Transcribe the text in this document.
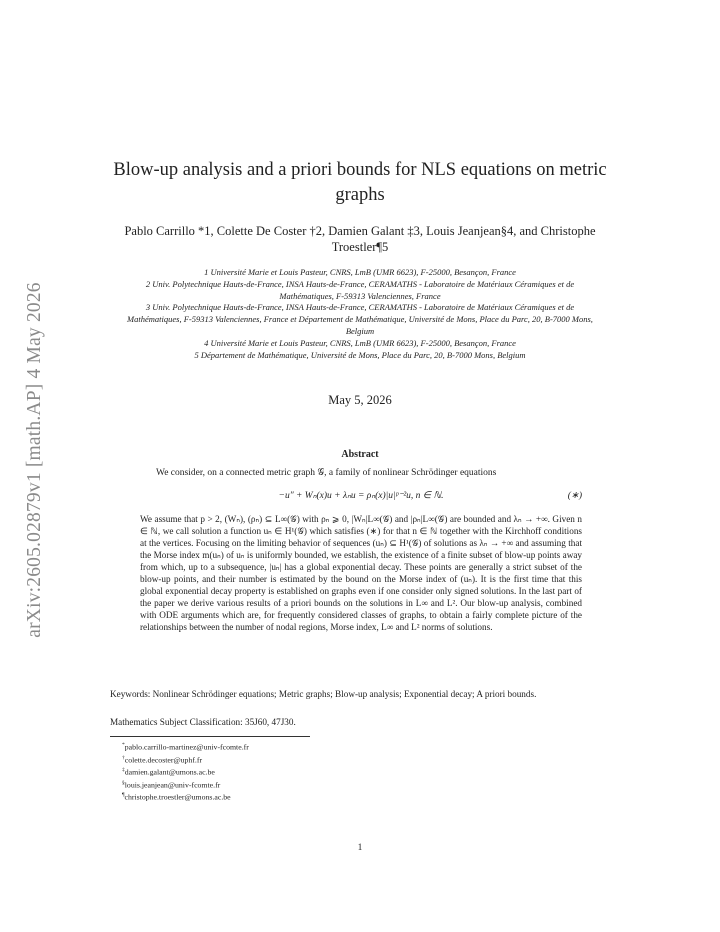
arXiv:2605.02879v1 [math.AP] 4 May 2026
Blow-up analysis and a priori bounds for NLS equations on metric graphs
Pablo Carrillo *1, Colette De Coster †2, Damien Galant ‡3, Louis Jeanjean§4, and Christophe Troestler¶5
1 Université Marie et Louis Pasteur, CNRS, LmB (UMR 6623), F-25000, Besançon, France
2 Univ. Polytechnique Hauts-de-France, INSA Hauts-de-France, CERAMATHS - Laboratoire de Matériaux Céramiques et de Mathématiques, F-59313 Valenciennes, France
3 Univ. Polytechnique Hauts-de-France, INSA Hauts-de-France, CERAMATHS - Laboratoire de Matériaux Céramiques et de Mathématiques, F-59313 Valenciennes, France et Département de Mathématique, Université de Mons, Place du Parc, 20, B-7000 Mons, Belgium
4 Université Marie et Louis Pasteur, CNRS, LmB (UMR 6623), F-25000, Besançon, France
5 Département de Mathématique, Université de Mons, Place du Parc, 20, B-7000 Mons, Belgium
May 5, 2026
Abstract
We consider, on a connected metric graph 𝒢, a family of nonlinear Schrödinger equations
−u″ + Wₙ(x)u + λₙu = ρₙ(x)|u|ᵖ⁻²u, n ∈ ℕ.	(∗)
We assume that p > 2, (Wₙ), (ρₙ) ⊆ L∞(𝒢) with ρₙ ⩾ 0, |Wₙ|L∞(𝒢) and |ρₙ|L∞(𝒢) are bounded and λₙ → +∞. Given n ∈ ℕ, we call solution a function uₙ ∈ H¹(𝒢) which satisfies (∗) for that n ∈ ℕ together with the Kirchhoff conditions at the vertices. Focusing on the limiting behavior of sequences (uₙ) ⊆ H¹(𝒢) of solutions as λₙ → +∞ and assuming that the Morse index m(uₙ) of uₙ is uniformly bounded, we establish, the existence of a finite subset of blow-up points away from which, up to a subsequence, |uₙ| has a global exponential decay. These points are generally a strict subset of the blow-up points, and their number is estimated by the bound on the Morse index of (uₙ). It is the first time that this global exponential decay property is established on graphs even if one consider only signed solutions. In the last part of the paper we derive various results of a priori bounds on the solutions in L∞ and L². Our blow-up analysis, combined with ODE arguments which are, for frequently considered classes of graphs, to obtain a fairly complete picture of the relationships between the number of nodal regions, Morse index, L∞ and L² norms of solutions.
Keywords: Nonlinear Schrödinger equations; Metric graphs; Blow-up analysis; Exponential decay; A priori bounds.
Mathematics Subject Classification: 35J60, 47J30.
*pablo.carrillo-martinez@univ-fcomte.fr
†colette.decoster@uphf.fr
‡damien.galant@umons.ac.be
§louis.jeanjean@univ-fcomte.fr
¶christophe.troestler@umons.ac.be
1
